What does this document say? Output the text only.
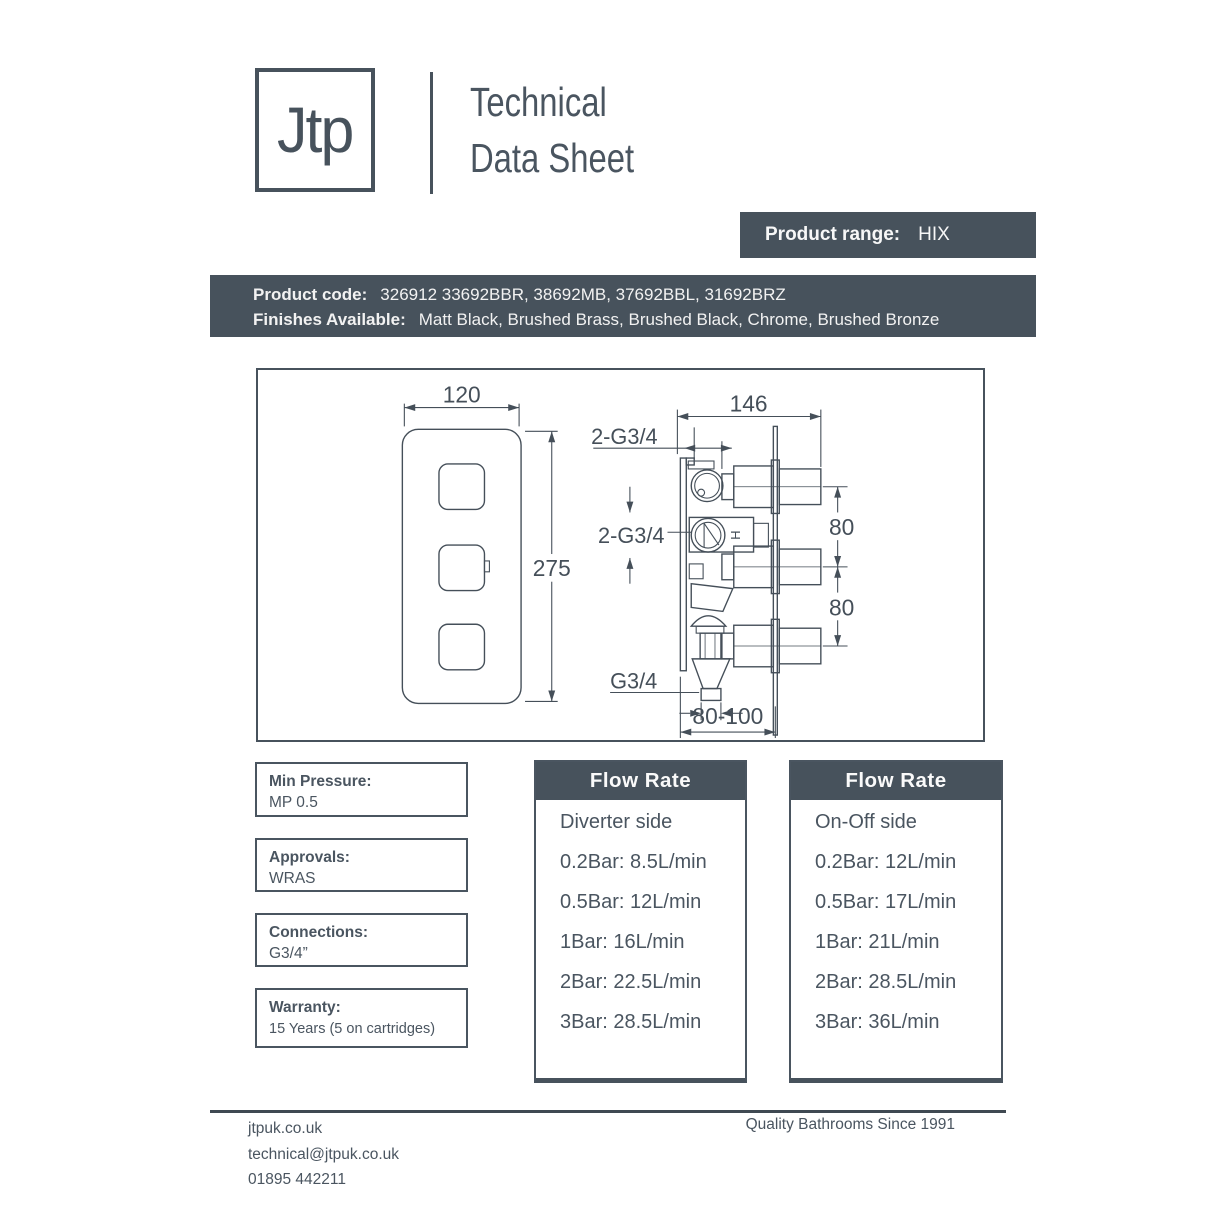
Jtp	Technical
Data Sheet
Product range: HIX
Product code: 326912 33692BBR, 38692MB, 37692BBL, 31692BRZ
Finishes Available: Matt Black, Brushed Brass, Brushed Black, Chrome, Brushed Bronze
120
275
146
2-G3/4
H
2-G3/4
G3/4
80
80
80-100
Min Pressure:
MP 0.5
Approvals:
WRAS
Connections:
G3/4”
Warranty:
15 Years (5 on cartridges)
Flow Rate
Diverter side
0.2Bar: 8.5L/min
0.5Bar: 12L/min
1Bar: 16L/min
2Bar: 22.5L/min
3Bar: 28.5L/min
Flow Rate
On-Off side
0.2Bar: 12L/min
0.5Bar: 17L/min
1Bar: 21L/min
2Bar: 28.5L/min
3Bar: 36L/min
jtpuk.co.uk
technical@jtpuk.co.uk
01895 442211
Quality Bathrooms Since 1991
